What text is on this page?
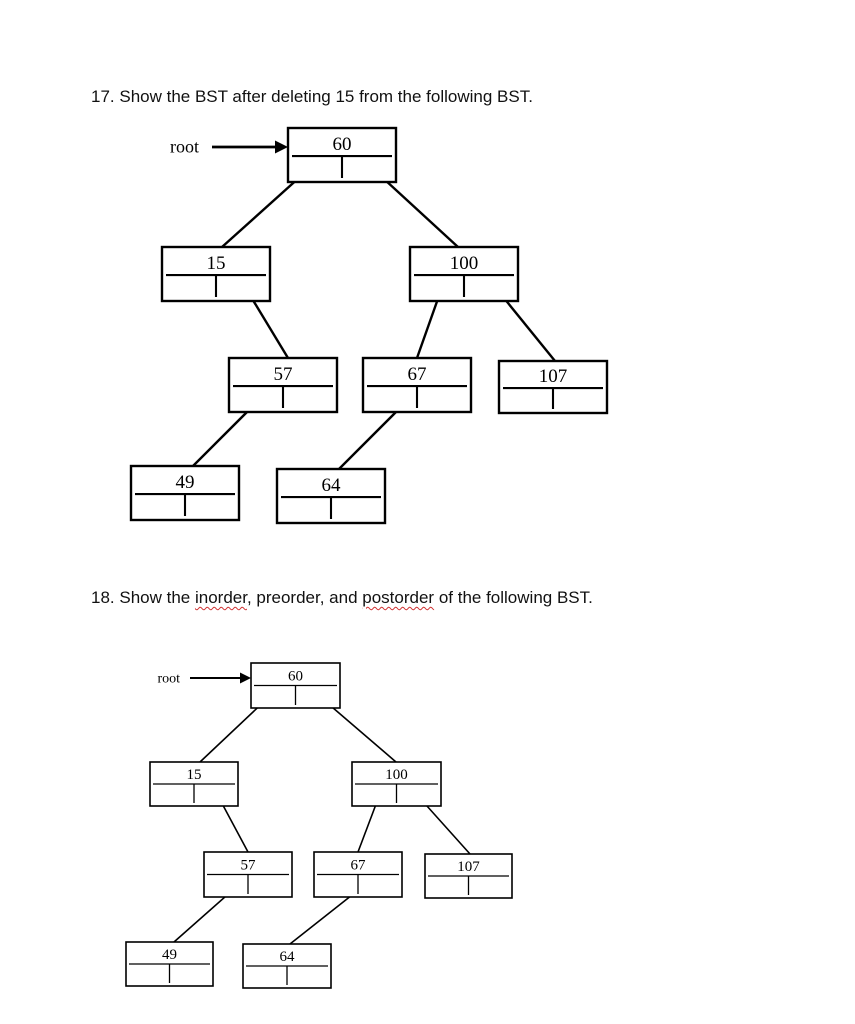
17. Show the BST after deleting 15 from the following BST.

root	60
15	100
57	67	107
49	64

18. Show the inorder, preorder, and postorder of the following BST.

root	60
15	100
57	67	107
49	64
